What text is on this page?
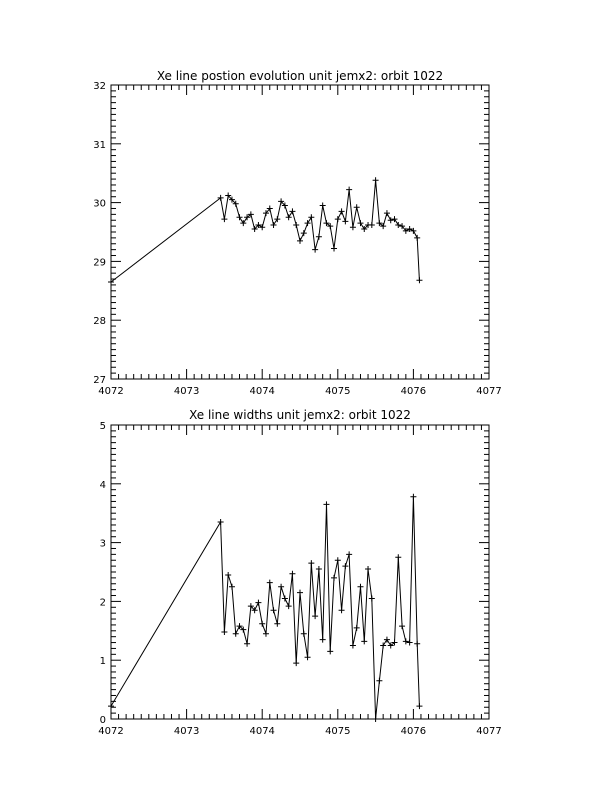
Xe line postion evolution unit jemx2: orbit 1022
4072	4073	4074	4075	4076	4077
27
28
29
30
31
32
Xe line widths unit jemx2: orbit 1022
4072	4073	4074	4075	4076	4077
0
1
2
3
4
5
